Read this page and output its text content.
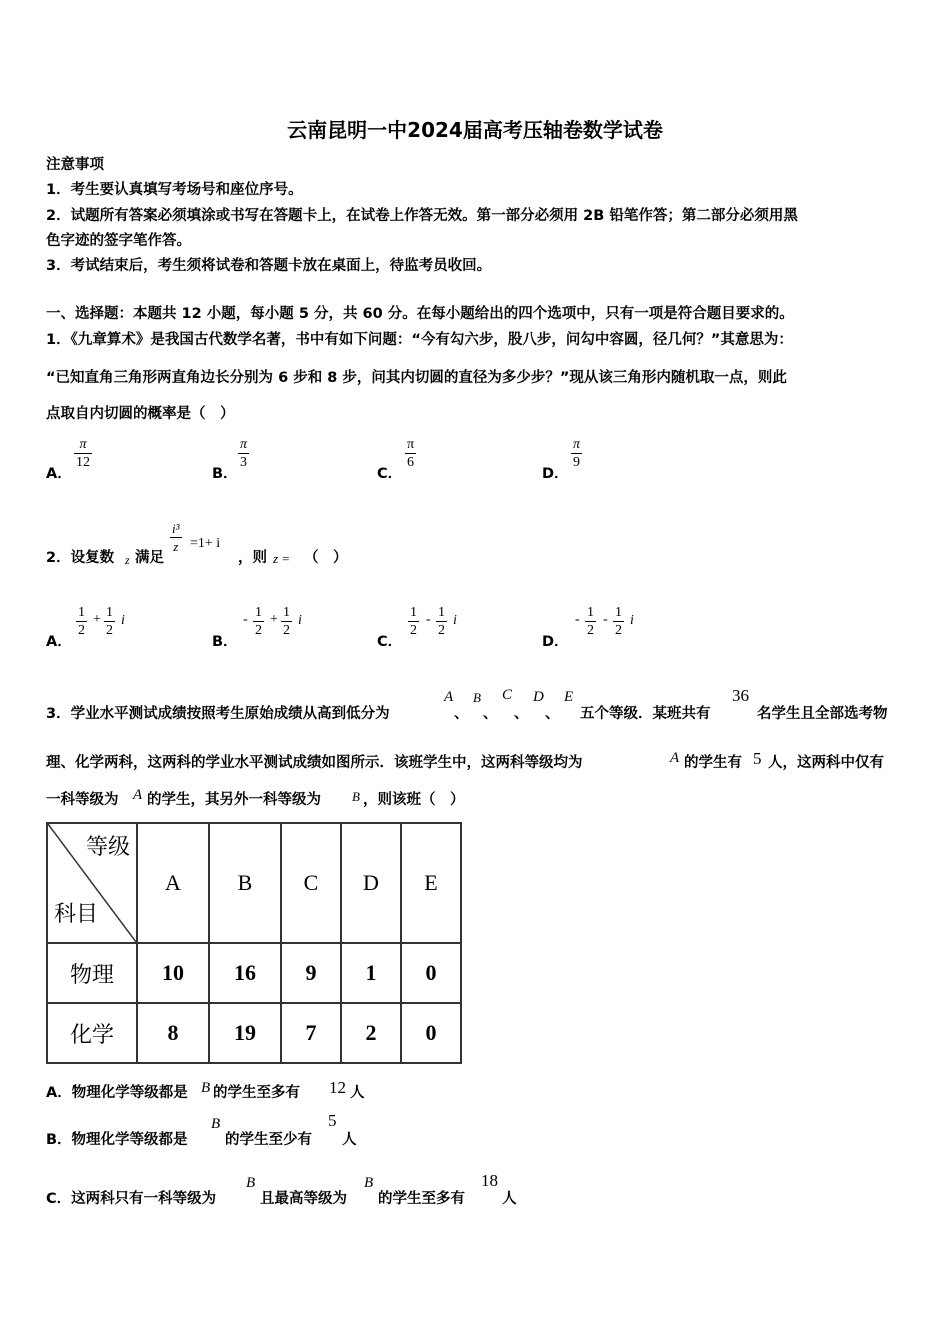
云南昆明一中2024届高考压轴卷数学试卷
注意事项
1．考生要认真填写考场号和座位序号。
2．试题所有答案必须填涂或书写在答题卡上，在试卷上作答无效。第一部分必须用 2B 铅笔作答；第二部分必须用黑
色字迹的签字笔作答。
3．考试结束后，考生须将试卷和答题卡放在桌面上，待监考员收回。
一、选择题：本题共 12 小题，每小题 5 分，共 60 分。在每小题给出的四个选项中，只有一项是符合题目要求的。
1．《九章算术》是我国古代数学名著，书中有如下问题：“今有勾六步，股八步，问勾中容圆，径几何？”其意思为：
“已知直角三角形两直角边长分别为 6 步和 8 步，问其内切圆的直径为多少步？”现从该三角形内随机取一点，则此
点取自内切圆的概率是（　）
A．
$\frac{\pi}{12}$
B．
$\frac{\pi}{3}$
C．
$\frac{\pi}{6}$
D．
$\frac{\pi}{9}$
2．设复数 z 满足
$\frac{\text{i³}}{z} =1+ i$
，则 z = （　）
A．
$\frac{1}{2} + \frac{1}{2}$ i
B．
- $\frac{1}{2} + \frac{1}{2}$ i
C．
$\frac{1}{2} - \frac{1}{2}$ i
D．
- $\frac{1}{2} - \frac{1}{2}$ i
3．学业水平测试成绩按照考生原始成绩从高到低分为
A
、
B
、
C
、
D
、
E
五个等级．某班共有
36
名学生且全部选考物
理、化学两科，这两科的学业水平测试成绩如图所示．该班学生中，这两科等级均为	A 的学生有 5 人，这两科中仅有
一科等级为 A 的学生，其另外一科等级为 B ，则该班（　）
等级
科目	A	B	C	D	E
物理	10	16	9	1	0
化学	8	19	7	2	0
A．物理化学等级都是 B 的学生至多有 12 人
B．物理化学等级都是
B
的学生至少有
5
人
C．这两科只有一科等级为
B
且最高等级为
B
的学生至多有
18
人
